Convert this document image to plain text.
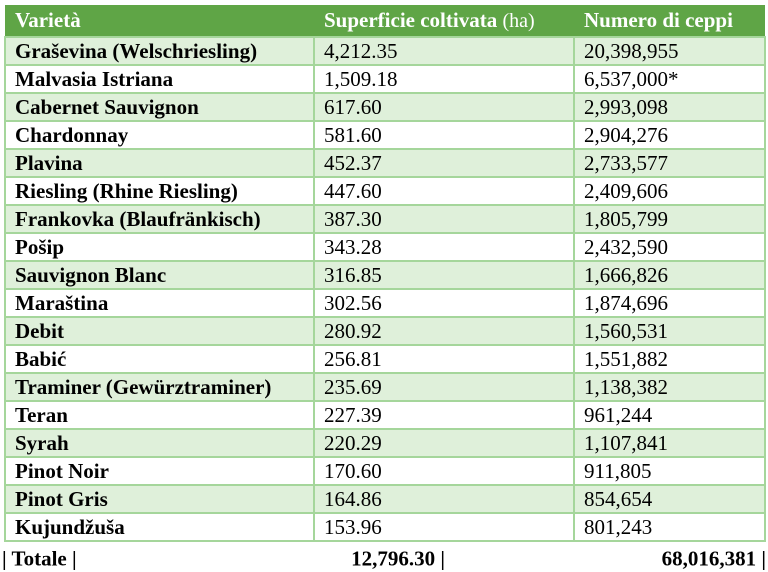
Varietà	Superficie coltivata (ha)	Numero di ceppi
Graševina (Welschriesling)	4,212.35	20,398,955
Malvasia Istriana	1,509.18	6,537,000*
Cabernet Sauvignon	617.60	2,993,098
Chardonnay	581.60	2,904,276
Plavina	452.37	2,733,577
Riesling (Rhine Riesling)	447.60	2,409,606
Frankovka (Blaufränkisch)	387.30	1,805,799
Pošip	343.28	2,432,590
Sauvignon Blanc	316.85	1,666,826
Maraština	302.56	1,874,696
Debit	280.92	1,560,531
Babić	256.81	1,551,882
Traminer (Gewürztraminer)	235.69	1,138,382
Teran	227.39	961,244
Syrah	220.29	1,107,841
Pinot Noir	170.60	911,805
Pinot Gris	164.86	854,654
Kujundžuša	153.96	801,243
| Totale |	12,796.30 |	68,016,381 |
